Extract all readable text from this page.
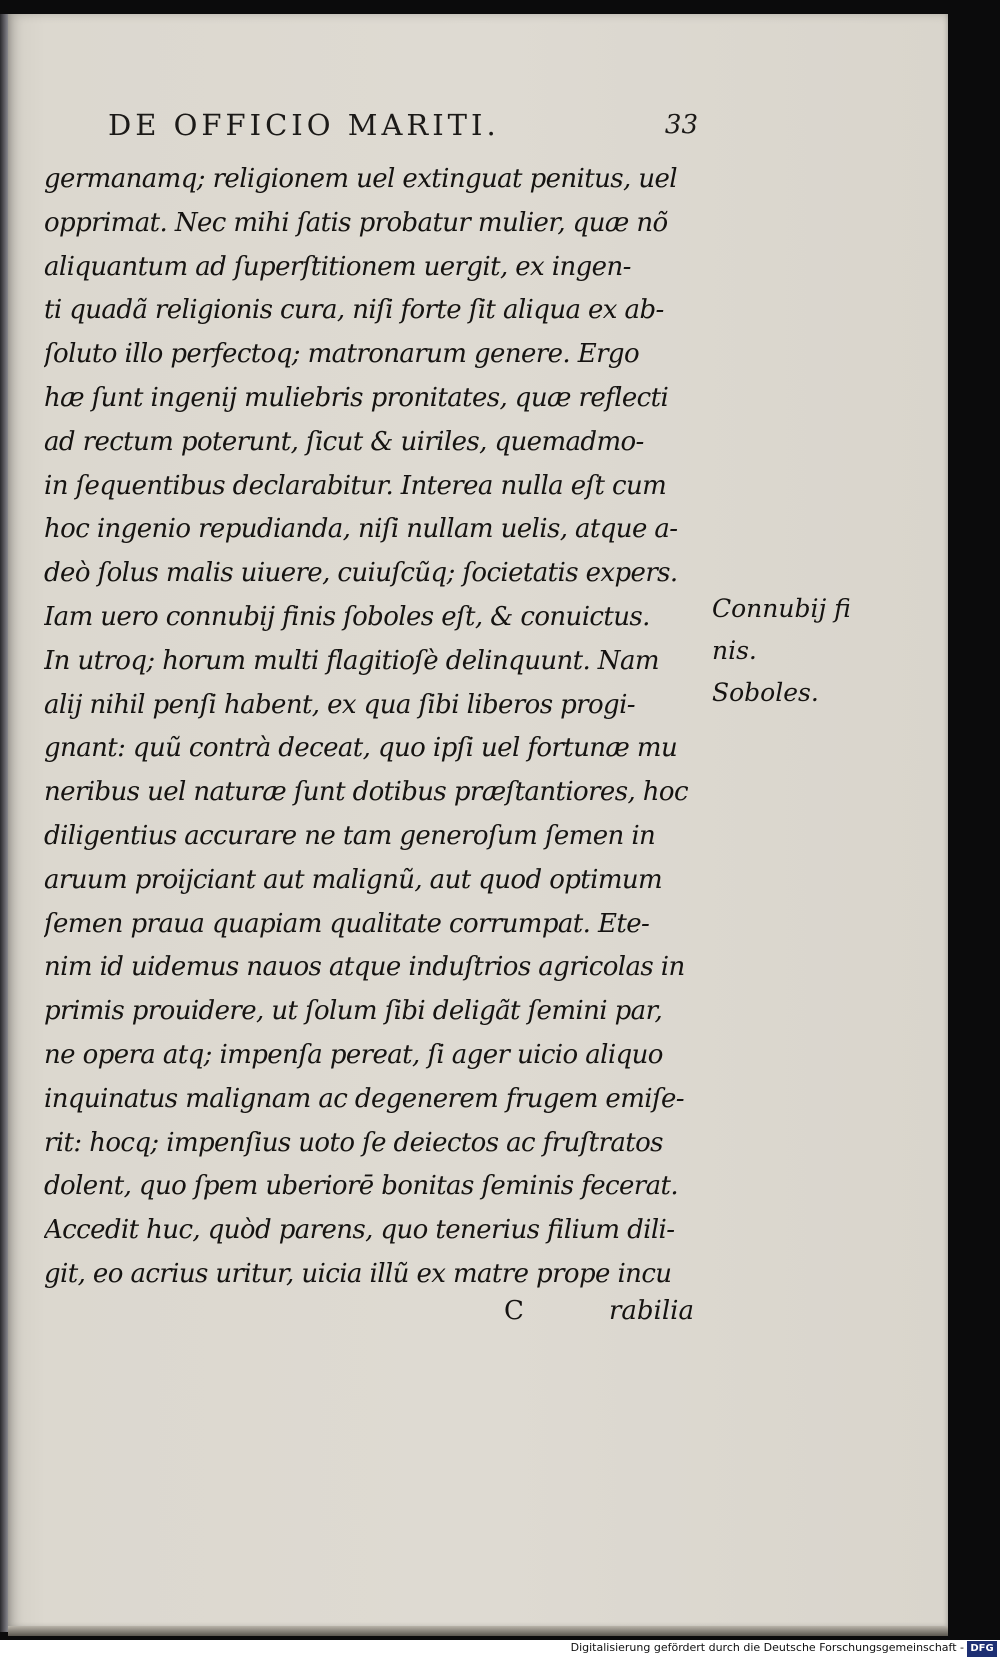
DE OFFICIO MARITI.	33
germanamq; religionem uel extinguat penitus, uel
opprimat. Nec mihi ſatis probatur mulier, quæ nõ
aliquantum ad ſuperſtitionem uergit, ex ingen-
ti quadã religionis cura, niſi forte ſit aliqua ex ab-
ſoluto illo perfectoq; matronarum genere. Ergo
hæ ſunt ingenij muliebris pronitates, quæ reflecti
ad rectum poterunt, ſicut & uiriles, quemadmo-
in ſequentibus declarabitur. Interea nulla eſt cum
hoc ingenio repudianda, niſi nullam uelis, atque a-
deò ſolus malis uiuere, cuiuſcũq; ſocietatis expers.
Iam uero connubij finis ſoboles eſt, & conuictus.
In utroq; horum multi flagitioſè delinquunt. Nam
alij nihil penſi habent, ex qua ſibi liberos progi-
gnant: quũ contrà deceat, quo ipſi uel fortunæ mu
neribus uel naturæ ſunt dotibus præſtantiores, hoc
diligentius accurare ne tam generoſum ſemen in
aruum proijciant aut malignũ, aut quod optimum
ſemen praua quapiam qualitate corrumpat. Ete-
nim id uidemus nauos atque induſtrios agricolas in
primis prouidere, ut ſolum ſibi deligãt ſemini par,
ne opera atq; impenſa pereat, ſi ager uicio aliquo
inquinatus malignam ac degenerem frugem emiſe-
rit: hocq; impenſius uoto ſe deiectos ac fruſtratos
dolent, quo ſpem uberiorē bonitas ſeminis fecerat.
Accedit huc, quòd parens, quo tenerius filium dili-
git, eo acrius uritur, uicia illũ ex matre prope incu
C	rabilia
Connubij fi
nis.
Soboles.
Digitalisierung gefördert durch die Deutsche Forschungsgemeinschaft - DFG
